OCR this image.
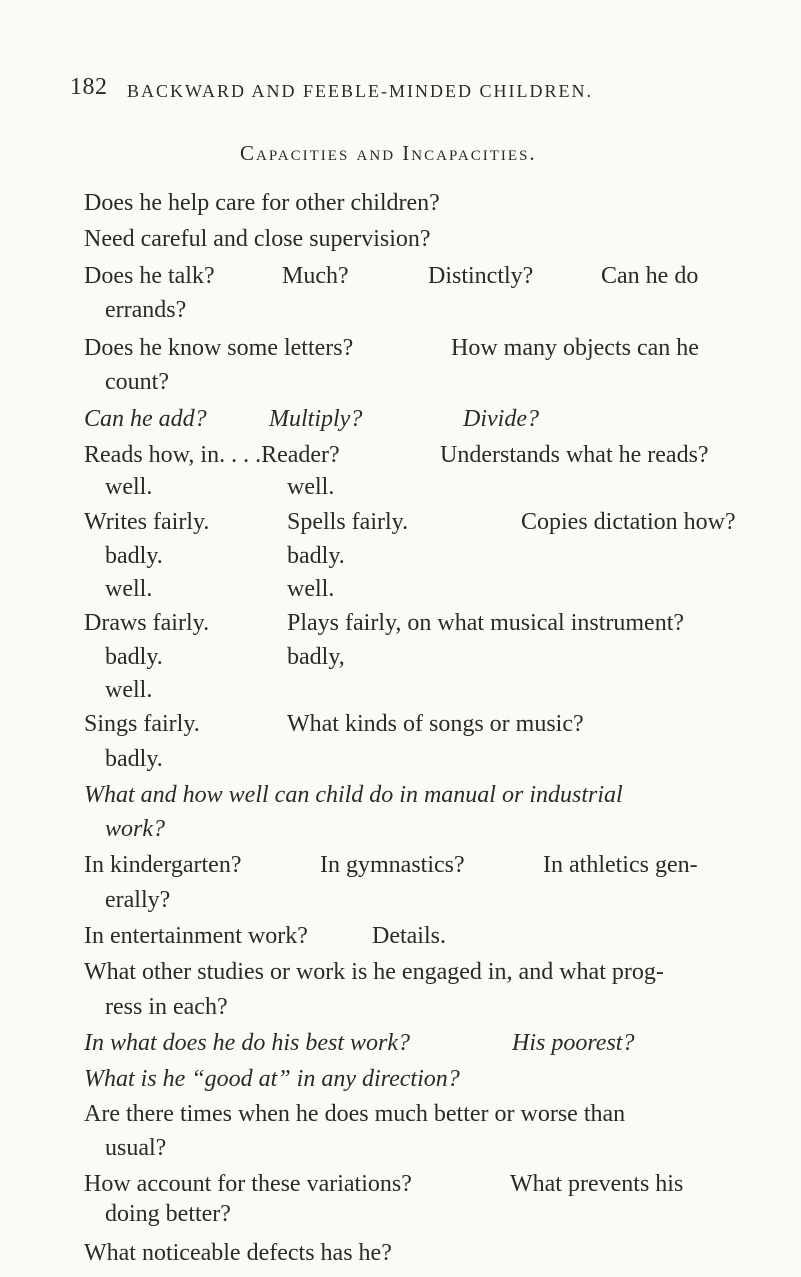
182 BACKWARD AND FEEBLE-MINDED CHILDREN.
Capacities and Incapacities.
Does he help care for other children?
Need careful and close supervision?
Does he talk?	Much?	Distinctly?	Can he do
errands?
Does he know some letters?	How many objects can he
count?
Can he add?	Multiply?	Divide?
Reads how, in. . . .Reader?	Understands what he reads?
well.	well.
Writes fairly.	Spells fairly.	Copies dictation how?
badly.	badly.
well.	well.
Draws fairly.	Plays fairly, on what musical instrument?
badly.	badly,
well.
Sings fairly.	What kinds of songs or music?
badly.
What and how well can child do in manual or industrial
work?
In kindergarten?	In gymnastics?	In athletics gen-
erally?
In entertainment work?	Details.
What other studies or work is he engaged in, and what prog-
ress in each?
In what does he do his best work?	His poorest?
What is he “good at” in any direction?
Are there times when he does much better or worse than
usual?
How account for these variations?	What prevents his
doing better?
What noticeable defects has he?
